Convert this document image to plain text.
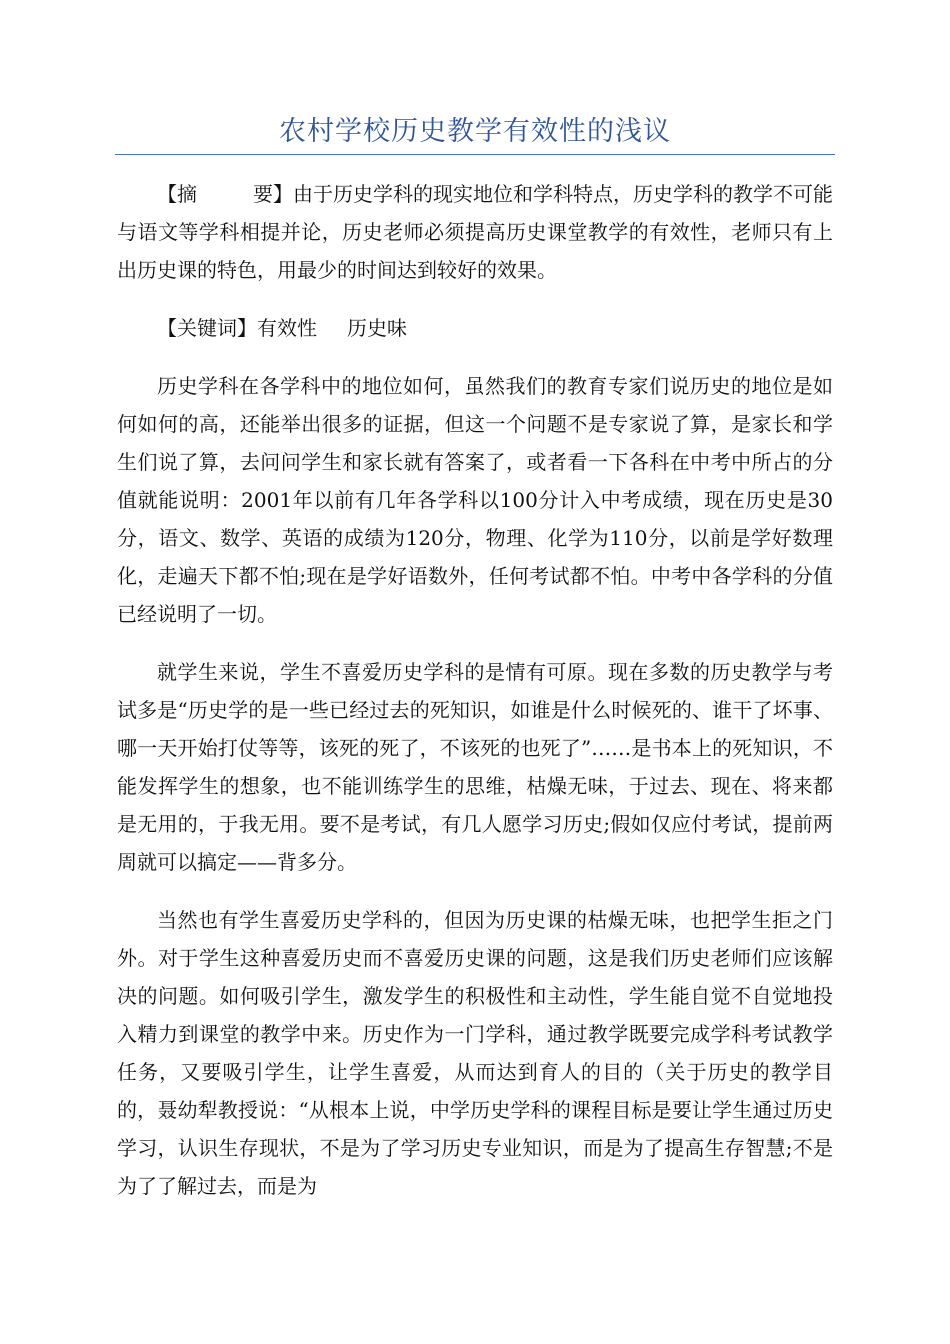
农村学校历史教学有效性的浅议

【摘	要】由于历史学科的现实地位和学科特点，历史学科的教学不可能与语文等学科相提并论，历史老师必须提高历史课堂教学的有效性，老师只有上出历史课的特色，用最少的时间达到较好的效果。

【关键词】有效性 历史味

历史学科在各学科中的地位如何，虽然我们的教育专家们说历史的地位是如何如何的高，还能举出很多的证据，但这一个问题不是专家说了算，是家长和学生们说了算，去问问学生和家长就有答案了，或者看一下各科在中考中所占的分值就能说明：2001年以前有几年各学科以100分计入中考成绩，现在历史是30分，语文、数学、英语的成绩为120分，物理、化学为110分，以前是学好数理化，走遍天下都不怕;现在是学好语数外，任何考试都不怕。中考中各学科的分值已经说明了一切。

就学生来说，学生不喜爱历史学科的是情有可原。现在多数的历史教学与考试多是“历史学的是一些已经过去的死知识，如谁是什么时候死的、谁干了坏事、哪一天开始打仗等等，该死的死了，不该死的也死了”……是书本上的死知识，不能发挥学生的想象，也不能训练学生的思维，枯燥无味，于过去、现在、将来都是无用的，于我无用。要不是考试，有几人愿学习历史;假如仅应付考试，提前两周就可以搞定——背多分。

当然也有学生喜爱历史学科的，但因为历史课的枯燥无味，也把学生拒之门外。对于学生这种喜爱历史而不喜爱历史课的问题，这是我们历史老师们应该解决的问题。如何吸引学生，激发学生的积极性和主动性，学生能自觉不自觉地投入精力到课堂的教学中来。历史作为一门学科，通过教学既要完成学科考试教学任务，又要吸引学生，让学生喜爱，从而达到育人的目的（关于历史的教学目的，聂幼犁教授说：“从根本上说，中学历史学科的课程目标是要让学生通过历史学习，认识生存现状，不是为了学习历史专业知识，而是为了提高生存智慧;不是为了了解过去，而是为
